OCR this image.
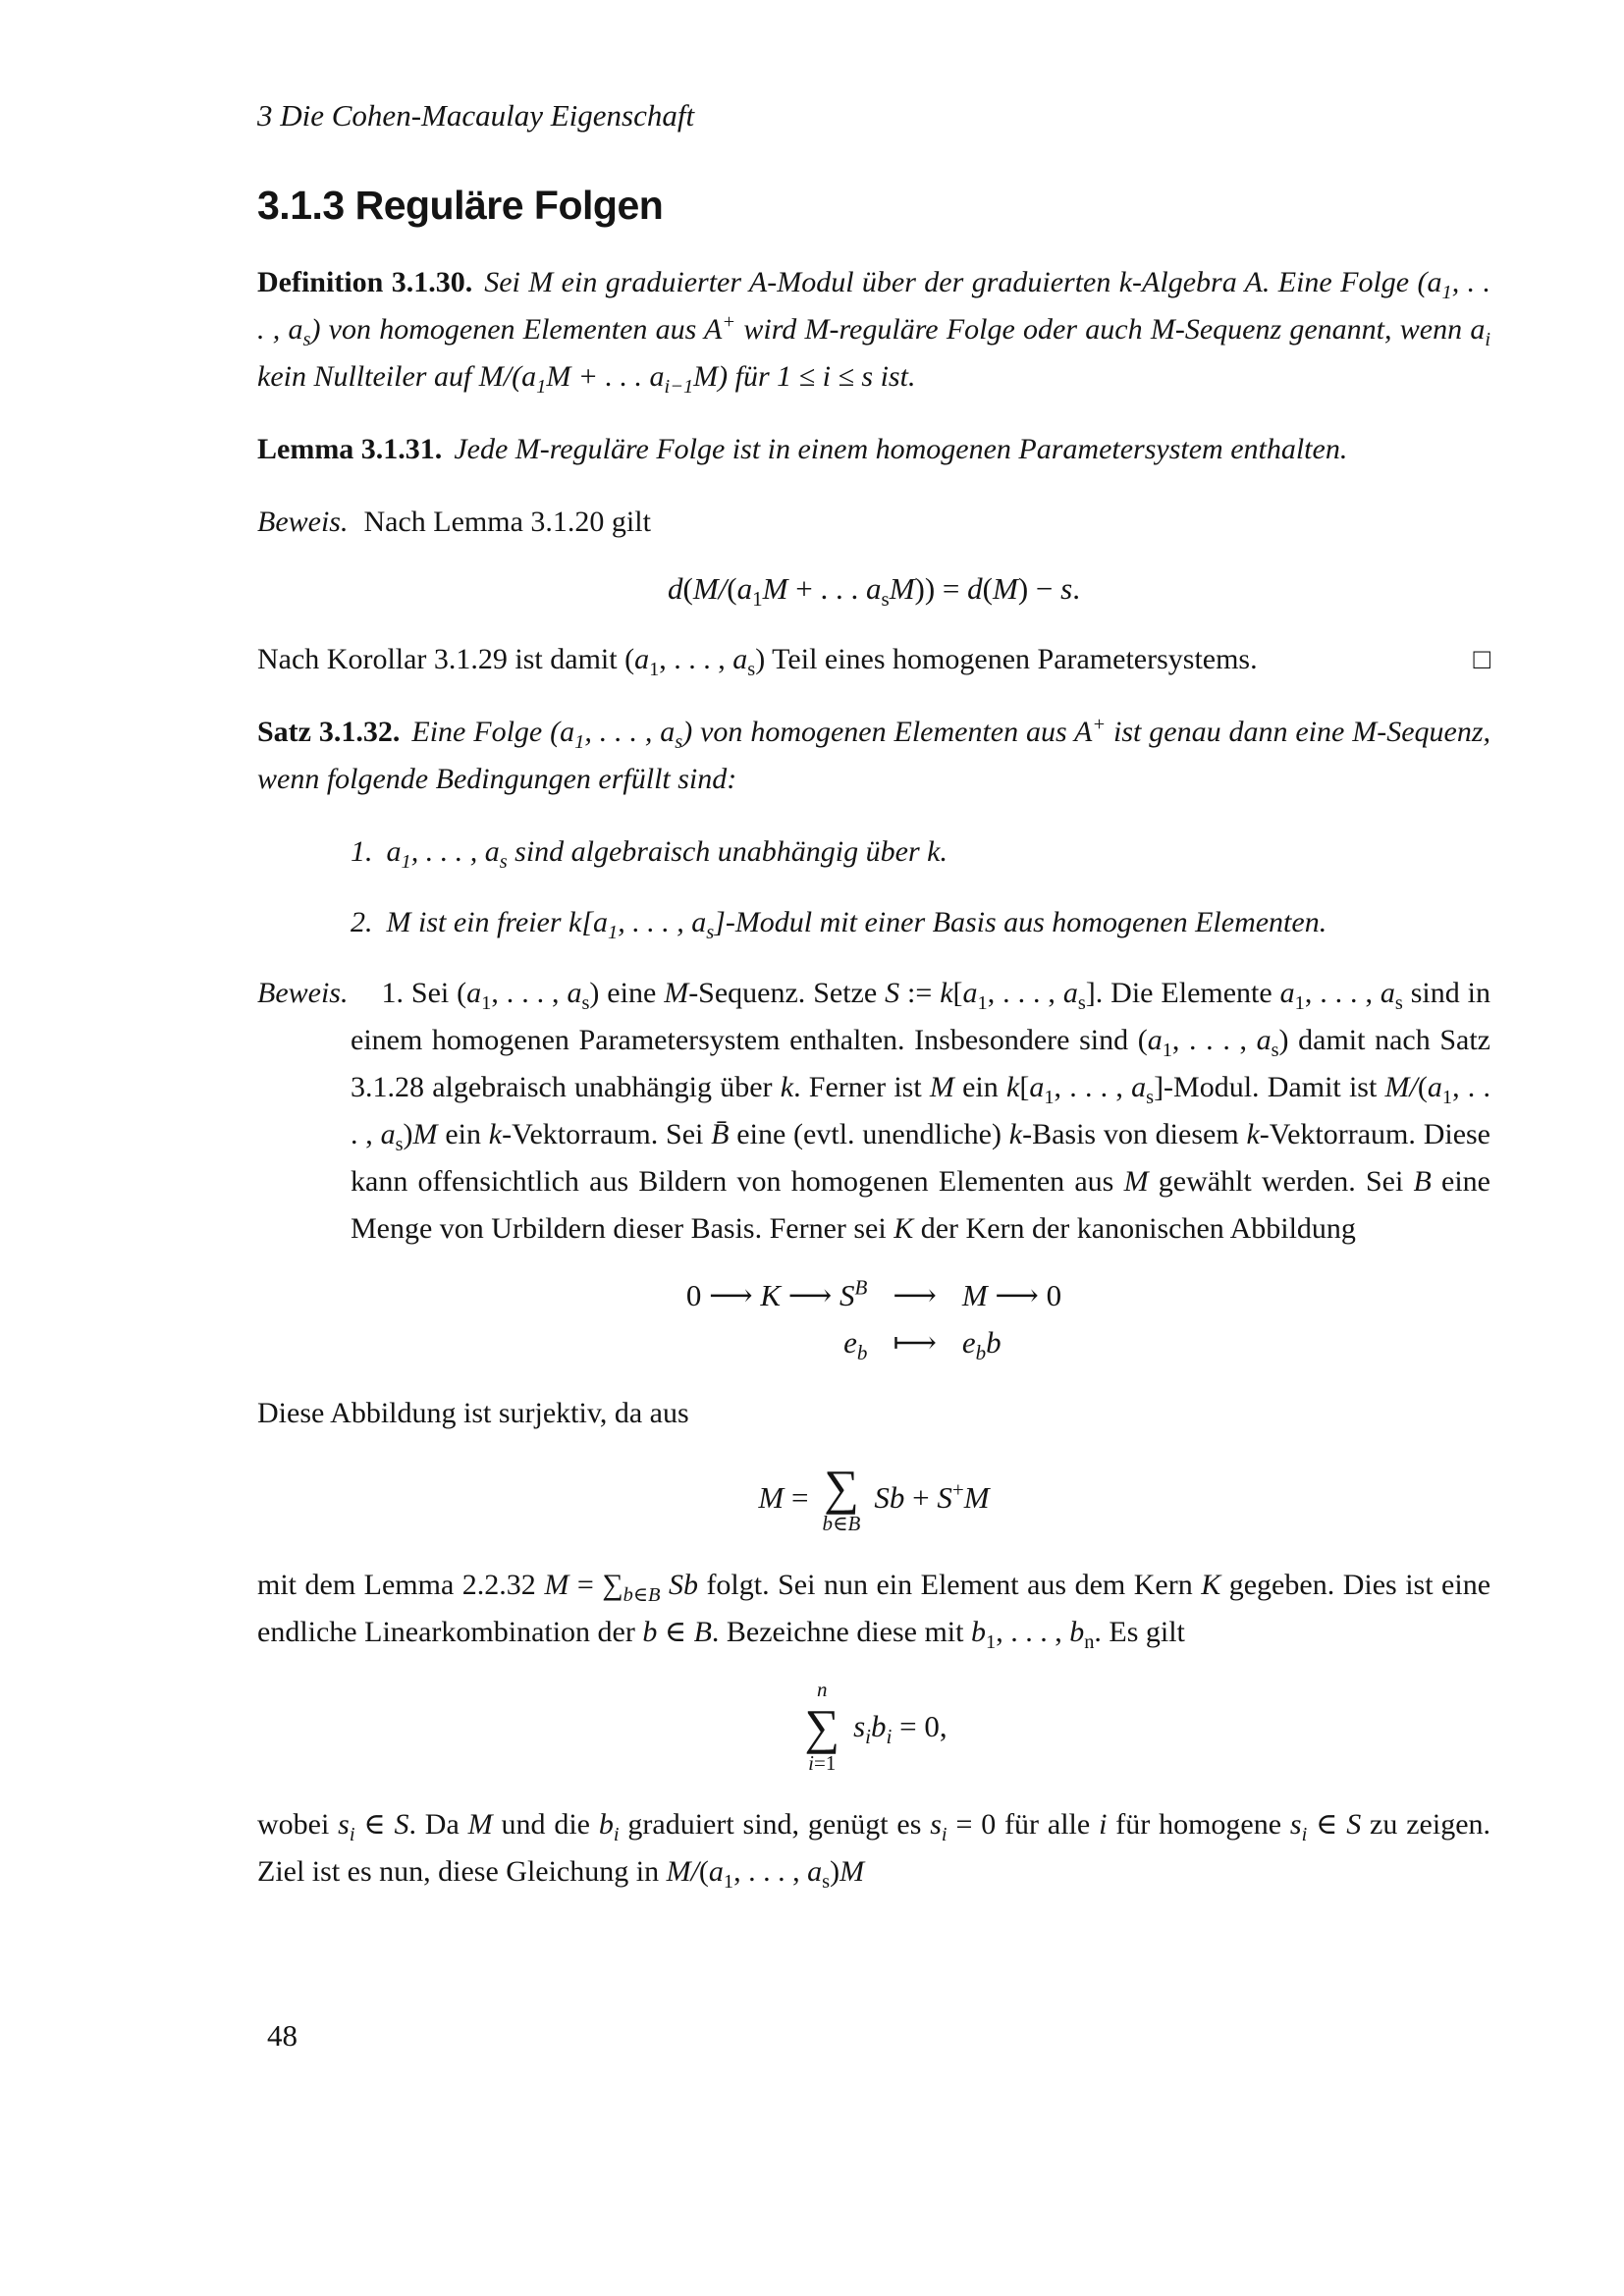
3 Die Cohen-Macaulay Eigenschaft
3.1.3 Reguläre Folgen

Definition 3.1.30. Sei M ein graduierter A-Modul über der graduierten k-Algebra A. Eine Folge ($a_1$, . . . , $a_s$) von homogenen Elementen aus A+ wird M-reguläre Folge oder auch M-Sequenz genannt, wenn $a_i$ kein Nullteiler auf $M/(a_1M$ + . . . $a_{i-1}M$) für 1 ≤ i ≤ s ist.

Lemma 3.1.31. Jede M-reguläre Folge ist in einem homogenen Parametersystem enthalten.

Beweis. Nach Lemma 3.1.20 gilt

$d(M/(a_1M$ + . . . $a_sM)) = d(M) - s$.

□
Nach Korollar 3.1.29 ist damit ($a_1$, . . . , $a_s$) Teil eines homogenen Parametersystems.

Satz 3.1.32. Eine Folge ($a_1$, . . . , $a_s$) von homogenen Elementen aus A+ ist genau dann eine M-Sequenz, wenn folgende Bedingungen erfüllt sind:

1. $a_1$, . . . , $a_s$ sind algebraisch unabhängig über k.
2. M ist ein freier $k[a_1$, . . . , $a_s$]-Modul mit einer Basis aus homogenen Elementen.

Beweis. 1. Sei ($a_1$, . . . , $a_s$) eine M-Sequenz. Setze S := $k[a_1$, . . . , $a_s$]. Die Elemente $a_1$, . . . , $a_s$ sind in einem homogenen Parametersystem enthalten. Insbesondere sind ($a_1$, . . . , $a_s$) damit nach Satz 3.1.28 algebraisch unabhängig über k. Ferner ist M ein $k[a_1$, . . . , $a_s$]-Modul. Damit ist $M/(a_1$, . . . , $a_s)M$ ein k-Vektorraum. Sei B̄ eine (evtl. unendliche) k-Basis von diesem k-Vektorraum. Diese kann offensichtlich aus Bildern von homogenen Elementen aus M gewählt werden. Sei B eine Menge von Urbildern dieser Basis. Ferner sei K der Kern der kanonischen Abbildung

0 ⟶ K ⟶ $S^B$ ⟶ M ⟶ 0
$e_b$ ⟼ $e_bb$

Diese Abbildung ist surjektiv, da aus

M = ∑
b∈B
Sb + S+M

mit dem Lemma 2.2.32 $M = \sum_{b\in B}$ Sb folgt. Sei nun ein Element aus dem Kern K gegeben. Dies ist eine endliche Linearkombination der b ∈ B. Bezeichne diese mit $b_1$, . . . , $b_n$. Es gilt

n
∑
i=1
$s_ib_i = 0$,

wobei $s_i$ ∈ S. Da M und die $b_i$ graduiert sind, genügt es $s_i = 0$ für alle i für homogene $s_i$ ∈ S zu zeigen. Ziel ist es nun, diese Gleichung in $M/(a_1$, . . . , $a_s)M$

48
